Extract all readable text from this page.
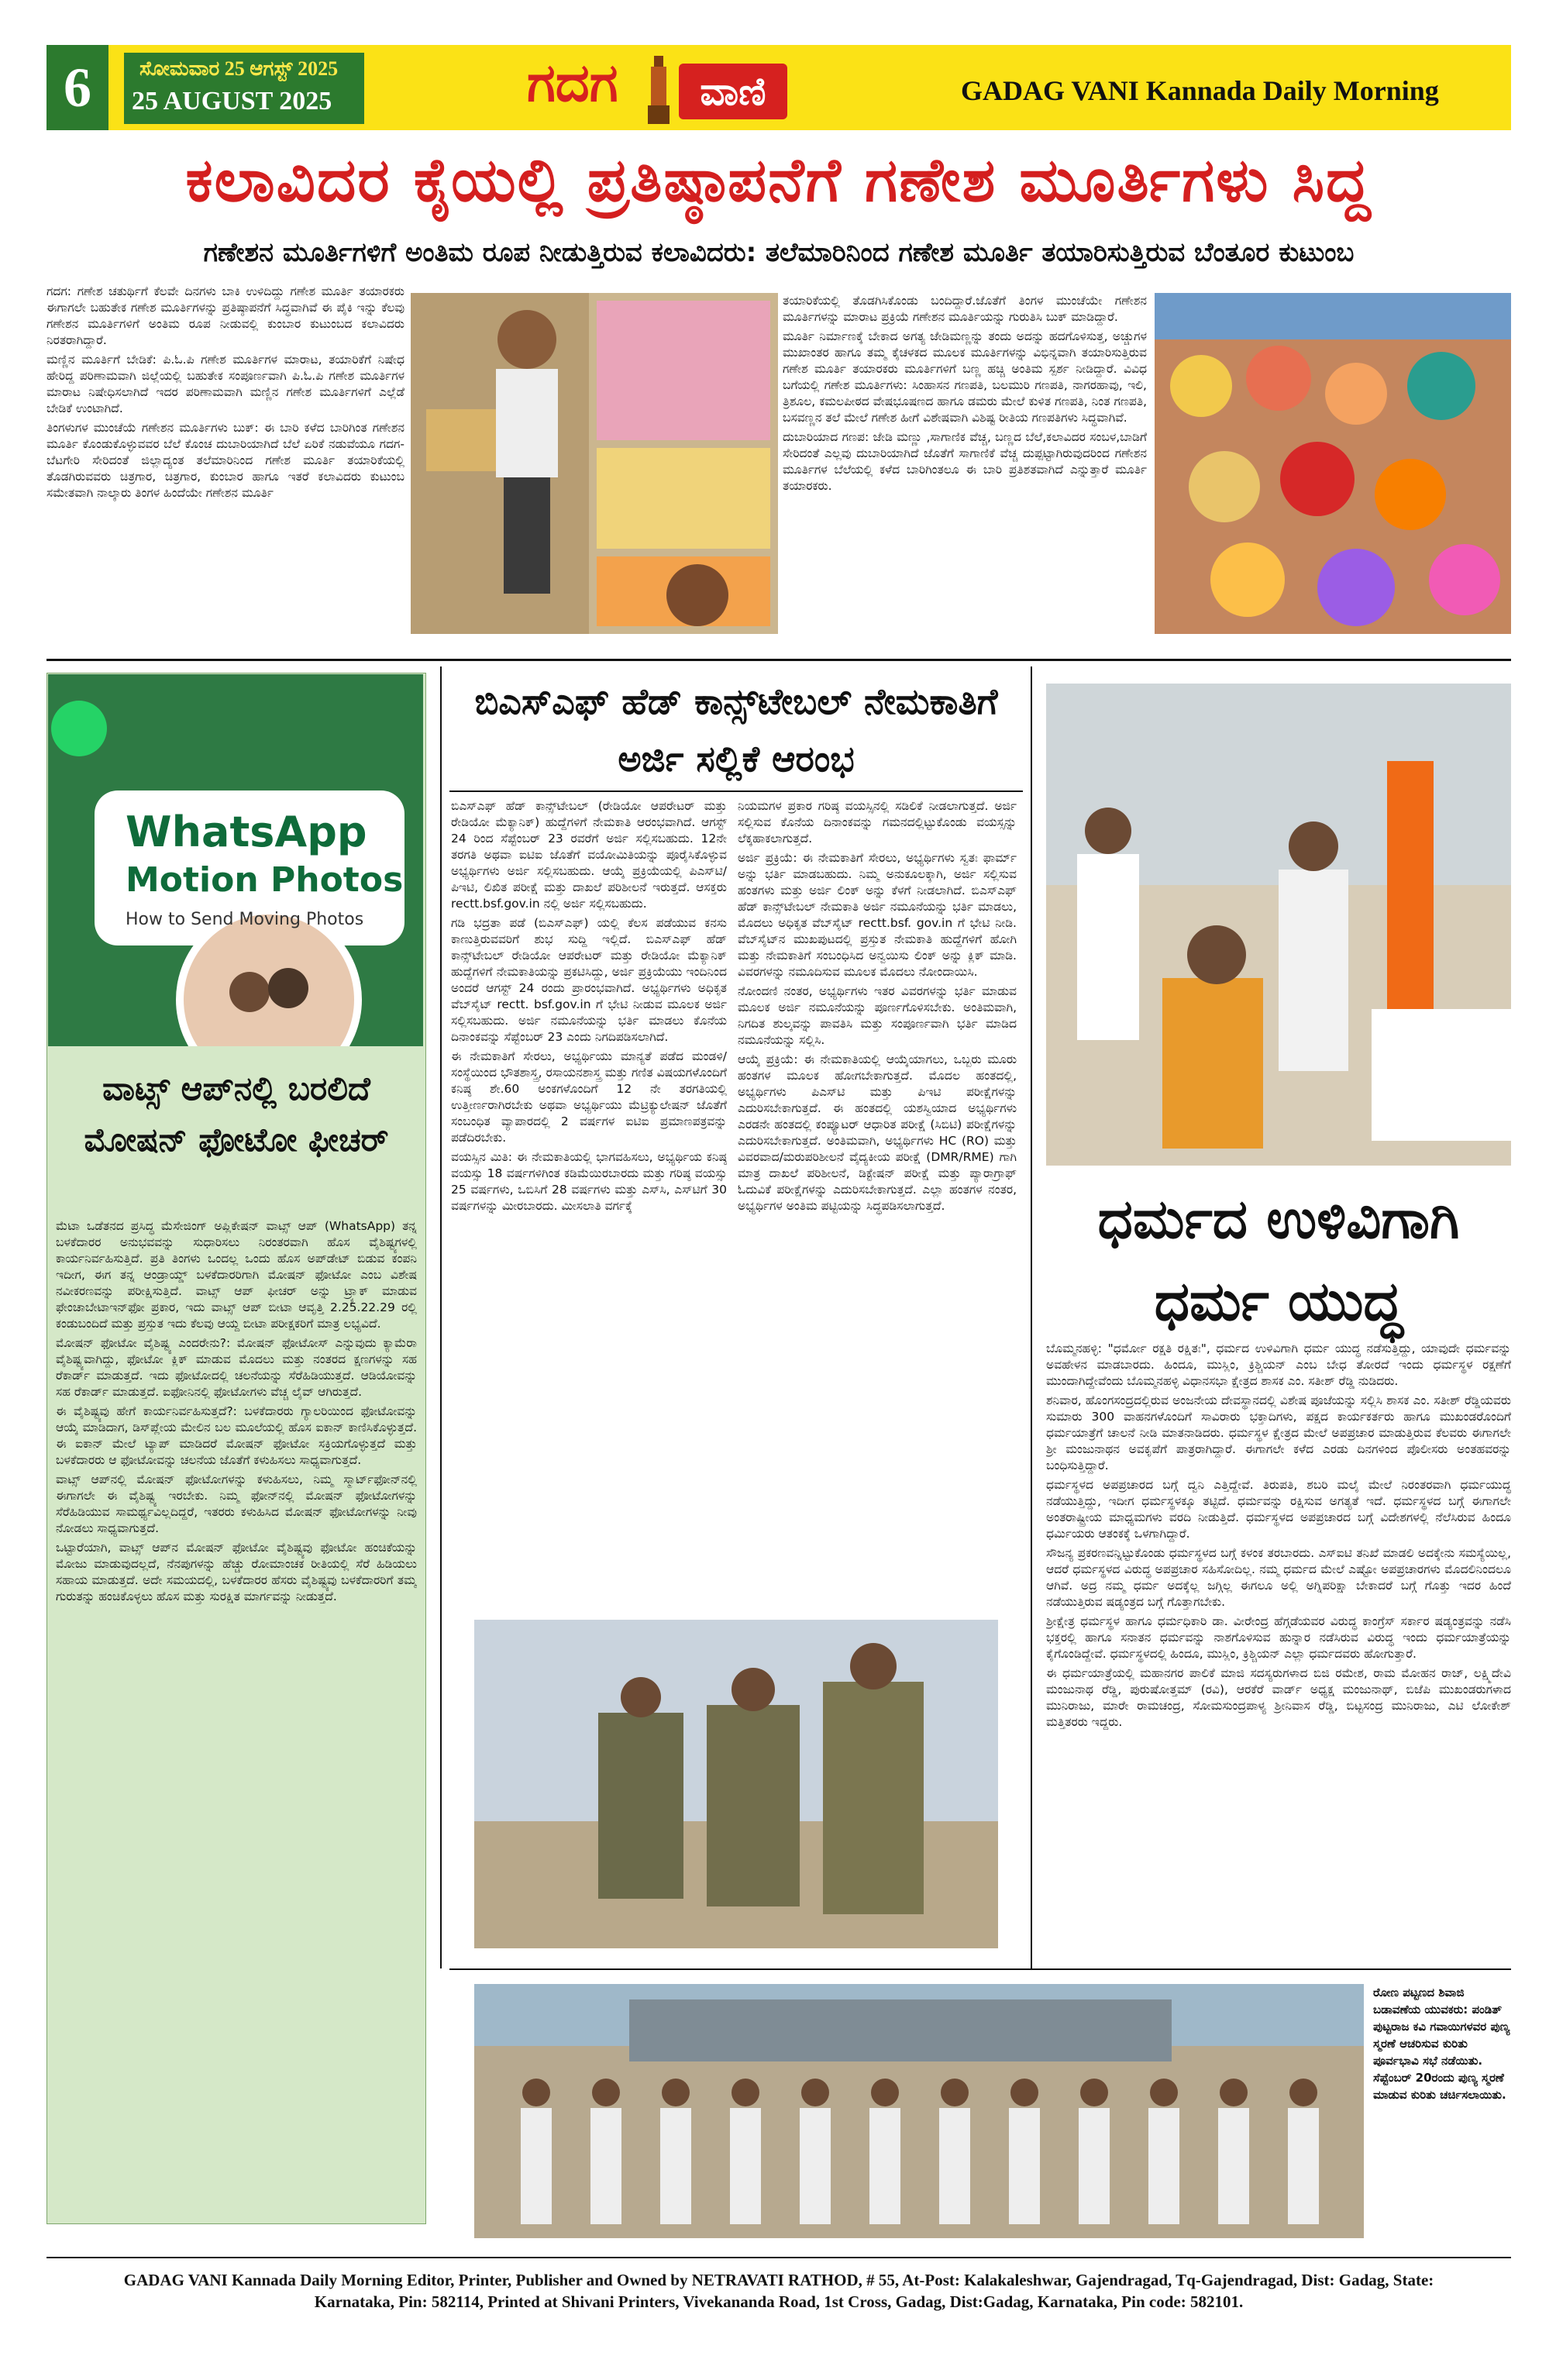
6	ಸೋಮವಾರ 25 ಆಗಸ್ಟ್ 2025
25 AUGUST 2025	ಗದಗ	ವಾಣಿ	GADAG VANI Kannada Daily Morning
ಕಲಾವಿದರ ಕೈಯಲ್ಲಿ ಪ್ರತಿಷ್ಠಾಪನೆಗೆ ಗಣೇಶ ಮೂರ್ತಿಗಳು ಸಿದ್ದ
ಗಣೇಶನ ಮೂರ್ತಿಗಳಿಗೆ ಅಂತಿಮ ರೂಪ ನೀಡುತ್ತಿರುವ ಕಲಾವಿದರು: ತಲೆಮಾರಿನಿಂದ ಗಣೇಶ ಮೂರ್ತಿ ತಯಾರಿಸುತ್ತಿರುವ ಬೆಂತೂರ ಕುಟುಂಬ

ಗದಗ: ಗಣೇಶ ಚತುರ್ಥಿಗೆ ಕೆಲವೇ ದಿನಗಳು ಬಾಕಿ ಉಳಿದಿದ್ದು ಗಣೇಶ ಮೂರ್ತಿ ತಯಾರಕರು ಈಗಾಗಲೇ ಬಹುತೇಕ ಗಣೇಶ ಮೂರ್ತಿಗಳನ್ನು ಪ್ರತಿಷ್ಠಾಪನೆಗೆ ಸಿದ್ಧವಾಗಿವೆ ಈ ಪೈಕಿ ಇನ್ನು ಕೆಲವು ಗಣೇಶನ ಮೂರ್ತಿಗಳಿಗೆ ಅಂತಿಮ ರೂಪ ನೀಡುವಲ್ಲಿ ಕುಂಬಾರ ಕುಟುಂಬದ ಕಲಾವಿದರು ನಿರತರಾಗಿದ್ದಾರೆ.

ಮಣ್ಣಿನ ಮೂರ್ತಿಗೆ ಬೇಡಿಕೆ: ಪಿ.ಓ.ಪಿ ಗಣೇಶ ಮೂರ್ತಿಗಳ ಮಾರಾಟ, ತಯಾರಿಕೆಗೆ ನಿಷೇಧ ಹೇರಿದ್ದ ಪರಿಣಾಮವಾಗಿ ಜಿಲ್ಲೆಯಲ್ಲಿ ಬಹುತೇಕ ಸಂಪೂರ್ಣವಾಗಿ ಪಿ.ಓ.ಪಿ ಗಣೇಶ ಮೂರ್ತಿಗಳ ಮಾರಾಟ ನಿಷೇಧಿಸಲಾಗಿದೆ ಇದರ ಪರಿಣಾಮವಾಗಿ ಮಣ್ಣಿನ ಗಣೇಶ ಮೂರ್ತಿಗಳಿಗೆ ಎಲ್ಲೆಡೆ ಬೇಡಿಕೆ ಉಂಟಾಗಿದೆ.

ತಿಂಗಳುಗಳ ಮುಂಚೆಯೆ ಗಣೇಶನ ಮೂರ್ತಿಗಳು ಬುಕ್: ಈ ಬಾರಿ ಕಳೆದ ಬಾರಿಗಿಂತ ಗಣೇಶನ ಮೂರ್ತಿ ಕೊಂಡುಕೊಳ್ಳುವವರ ಬೆಲೆ ಕೊಂಚ ದುಬಾರಿಯಾಗಿದೆ ಬೆಲೆ ಏರಿಕೆ ನಡುವೆಯೂ ಗದಗ-ಬೆಟಗೇರಿ ಸೇರಿದಂತೆ ಜಿಲ್ಲಾದ್ಯಂತ ತಲೆಮಾರಿನಿಂದ ಗಣೇಶ ಮೂರ್ತಿ ತಯಾರಿಕೆಯಲ್ಲಿ ತೊಡಗಿರುವವರು ಚಿತ್ರಗಾರ, ಚಿತ್ರಗಾರ, ಕುಂಬಾರ ಹಾಗೂ ಇತರೆ ಕಲಾವಿದರು ಕುಟುಂಬ ಸಮೇತವಾಗಿ ನಾಲ್ಕಾರು ತಿಂಗಳ ಹಿಂದೆಯೇ ಗಣೇಶನ ಮೂರ್ತಿ

ತಯಾರಿಕೆಯಲ್ಲಿ ತೊಡಗಿಸಿಕೊಂಡು ಬಂದಿದ್ದಾರೆ.ಜೊತೆಗೆ ತಿಂಗಳ ಮುಂಚೆಯೇ ಗಣೇಶನ ಮೂರ್ತಿಗಳನ್ನು ಮಾರಾಟ ಪ್ರಕ್ರಿಯೆ ಗಣೇಶನ ಮೂರ್ತಿಯನ್ನು ಗುರುತಿಸಿ ಬುಕ್ ಮಾಡಿದ್ದಾರೆ.

ಮೂರ್ತಿ ನಿರ್ಮಾಣಕ್ಕೆ ಬೇಕಾದ ಅಗತ್ಯ ಜೇಡಿಮಣ್ಣನ್ನು ತಂದು ಅದನ್ನು ಹದಗೊಳಿಸುತ್ತ, ಅಚ್ಚುಗಳ ಮುಖಾಂತರ ಹಾಗೂ ತಮ್ಮ ಕೈಚಳಕದ ಮೂಲಕ ಮೂರ್ತಿಗಳನ್ನು ವಿಭಿನ್ನವಾಗಿ ತಯಾರಿಸುತ್ತಿರುವ ಗಣೇಶ ಮೂರ್ತಿ ತಯಾರಕರು ಮೂರ್ತಿಗಳಿಗೆ ಬಣ್ಣ ಹಚ್ಚಿ ಅಂತಿಮ ಸ್ಪರ್ಶ ನೀಡಿದ್ದಾರೆ. ವಿವಿಧ ಬಗೆಯಲ್ಲಿ ಗಣೇಶ ಮೂರ್ತಿಗಳು: ಸಿಂಹಾಸನ ಗಣಪತಿ, ಬಲಮುರಿ ಗಣಪತಿ, ನಾಗರಹಾವು, ಇಲಿ, ತ್ರಿಶೂಲ, ಕಮಲಪೀಠದ ವೇಷಭೂಷಣದ ಹಾಗೂ ಡಮರು ಮೇಲೆ ಕುಳಿತ ಗಣಪತಿ, ನಿಂತ ಗಣಪತಿ, ಬಸವಣ್ಣನ ತಲೆ ಮೇಲೆ ಗಣೇಶ ಹೀಗೆ ವಿಶೇಷವಾಗಿ ವಿಶಿಷ್ಟ ರೀತಿಯ ಗಣಪತಿಗಳು ಸಿದ್ಧವಾಗಿವೆ.

ದುಬಾರಿಯಾದ ಗಣಪ: ಜೇಡಿ ಮಣ್ಣು ,ಸಾಗಾಣಿಕ ವೆಚ್ಚ, ಬಣ್ಣದ ಬೆಲೆ,ಕಲಾವಿದರ ಸಂಬಳ,ಬಾಡಿಗೆ ಸೇರಿದಂತೆ ಎಲ್ಲವು ದುಬಾರಿಯಾಗಿದೆ ಜೊತೆಗೆ ಸಾಗಾಣಿಕೆ ವೆಚ್ಚ ದುಪ್ಪಟ್ಟಾಗಿರುವುದರಿಂದ ಗಣೇಶನ ಮೂರ್ತಿಗಳ ಬೆಲೆಯಲ್ಲಿ ಕಳೆದ ಬಾರಿಗಿಂತಲೂ ಈ ಬಾರಿ ಪ್ರತಿಶತವಾಗಿದೆ ಎನ್ನುತ್ತಾರೆ ಮೂರ್ತಿ ತಯಾರಕರು.

WhatsApp
Motion Photos
How to Send Moving Photos
ವಾಟ್ಸ್ ಆಪ್‌ನಲ್ಲಿ ಬರಲಿದೆ ಮೋಷನ್ ಫೋಟೋ ಫೀಚರ್

ಮೆಟಾ ಒಡೆತನದ ಪ್ರಸಿದ್ಧ ಮೆಸೇಜಿಂಗ್ ಅಪ್ಲಿಕೇಷನ್ ವಾಟ್ಸ್ ಆಪ್ (WhatsApp) ತನ್ನ ಬಳಕೆದಾರರ ಅನುಭವವನ್ನು ಸುಧಾರಿಸಲು ನಿರಂತರವಾಗಿ ಹೊಸ ವೈಶಿಷ್ಟ್ಯಗಳಲ್ಲಿ ಕಾರ್ಯನಿರ್ವಹಿಸುತ್ತಿದೆ. ಪ್ರತಿ ತಿಂಗಳು ಒಂದಲ್ಲ ಒಂದು ಹೊಸ ಅಪ್‌ಡೇಟ್ ಬಿಡುವ ಕಂಪನಿ ಇದೀಗ, ಈಗ ತನ್ನ ಆಂಡ್ರಾಯ್ಡ್ ಬಳಕೆದಾರರಿಗಾಗಿ ಮೋಷನ್ ಫೋಟೋ ಎಂಬ ವಿಶೇಷ ನವೀಕರಣವನ್ನು ಪರೀಕ್ಷಿಸುತ್ತಿದೆ. ವಾಟ್ಸ್ ಆಪ್ ಫೀಚರ್ ಅನ್ನು ಟ್ರ್ಯಾಕ್ ಮಾಡುವ ಫೇಂಚಾಬೇಟಾಇನ್‌ಫೋ ಪ್ರಕಾರ, ಇದು ವಾಟ್ಸ್ ಆಪ್ ಬೀಟಾ ಆವೃತ್ತಿ 2.25.22.29 ರಲ್ಲಿ ಕಂಡುಬಂದಿದೆ ಮತ್ತು ಪ್ರಸ್ತುತ ಇದು ಕೆಲವು ಆಯ್ದ ಬೀಟಾ ಪರೀಕ್ಷಕರಿಗೆ ಮಾತ್ರ ಲಭ್ಯವಿದೆ.

ಮೋಷನ್ ಫೋಟೋ ವೈಶಿಷ್ಟ್ಯ ಎಂದರೇನು?: ಮೋಷನ್ ಫೋಟೋಸ್ ಎನ್ನುವುದು ಕ್ಯಾಮೆರಾ ವೈಶಿಷ್ಟ್ಯವಾಗಿದ್ದು, ಫೋಟೋ ಕ್ಲಿಕ್ ಮಾಡುವ ಮೊದಲು ಮತ್ತು ನಂತರದ ಕ್ಷಣಗಳನ್ನು ಸಹ ರೆಕಾರ್ಡ್ ಮಾಡುತ್ತದೆ. ಇದು ಫೋಟೋದಲ್ಲಿ ಚಲನೆಯನ್ನು ಸೆರೆಹಿಡಿಯುತ್ತದೆ. ಆಡಿಯೋವನ್ನು ಸಹ ರೆಕಾರ್ಡ್ ಮಾಡುತ್ತದೆ. ಐಫೋನಿನಲ್ಲಿ ಫೋಟೋಗಳು ವೆಚ್ಚ ಲೈವ್ ಆಗಿರುತ್ತದೆ.

ಈ ವೈಶಿಷ್ಟ್ಯವು ಹೇಗೆ ಕಾರ್ಯನಿರ್ವಹಿಸುತ್ತದೆ?: ಬಳಕೆದಾರರು ಗ್ಯಾಲರಿಯಿಂದ ಫೋಟೋವನ್ನು ಆಯ್ಕೆ ಮಾಡಿದಾಗ, ಡಿಸ್‌ಪ್ಲೇಯ ಮೇಲಿನ ಬಲ ಮೂಲೆಯಲ್ಲಿ ಹೊಸ ಐಕಾನ್ ಕಾಣಿಸಿಕೊಳ್ಳುತ್ತದೆ. ಈ ಐಕಾನ್ ಮೇಲೆ ಟ್ಯಾಪ್ ಮಾಡಿದರೆ ಮೋಷನ್ ಫೋಟೋ ಸಕ್ರಿಯಗೊಳ್ಳುತ್ತದೆ ಮತ್ತು ಬಳಕೆದಾರರು ಆ ಫೋಟೋವನ್ನು ಚಲನೆಯ ಜೊತೆಗೆ ಕಳುಹಿಸಲು ಸಾಧ್ಯವಾಗುತ್ತದೆ.

ವಾಟ್ಸ್ ಆಪ್‌ನಲ್ಲಿ ಮೋಷನ್ ಫೋಟೋಗಳನ್ನು ಕಳುಹಿಸಲು, ನಿಮ್ಮ ಸ್ಮಾರ್ಟ್‌ಫೋನ್‌ನಲ್ಲಿ ಈಗಾಗಲೇ ಈ ವೈಶಿಷ್ಟ್ಯ ಇರಬೇಕು. ನಿಮ್ಮ ಫೋನ್‌ನಲ್ಲಿ ಮೋಷನ್ ಫೋಟೋಗಳನ್ನು ಸೆರೆಹಿಡಿಯುವ ಸಾಮರ್ಥ್ಯವಿಲ್ಲದಿದ್ದರೆ, ಇತರರು ಕಳುಹಿಸಿದ ಮೋಷನ್ ಫೋಟೋಗಳನ್ನು ನೀವು ನೋಡಲು ಸಾಧ್ಯವಾಗುತ್ತದೆ.

ಒಟ್ಟಾರೆಯಾಗಿ, ವಾಟ್ಸ್ ಆಪ್‌ನ ಮೋಷನ್ ಫೋಟೋ ವೈಶಿಷ್ಟ್ಯವು ಫೋಟೋ ಹಂಚಿಕೆಯನ್ನು ಮೋಜು ಮಾಡುವುದಲ್ಲದೆ, ನೆನಪುಗಳನ್ನು ಹೆಚ್ಚು ರೋಮಾಂಚಕ ರೀತಿಯಲ್ಲಿ ಸೆರೆ ಹಿಡಿಯಲು ಸಹಾಯ ಮಾಡುತ್ತದೆ. ಅದೇ ಸಮಯದಲ್ಲಿ, ಬಳಕೆದಾರರ ಹೆಸರು ವೈಶಿಷ್ಟ್ಯವು ಬಳಕೆದಾರರಿಗೆ ತಮ್ಮ ಗುರುತನ್ನು ಹಂಚಿಕೊಳ್ಳಲು ಹೊಸ ಮತ್ತು ಸುರಕ್ಷಿತ ಮಾರ್ಗವನ್ನು ನೀಡುತ್ತದೆ.

ಬಿಎಸ್‌ಎಫ್ ಹೆಡ್ ಕಾನ್ಸ್‌ಟೇಬಲ್ ನೇಮಕಾತಿಗೆ ಅರ್ಜಿ ಸಲ್ಲಿಕೆ ಆರಂಭ

ಬಿಎಸ್‌ಎಫ್ ಹೆಡ್ ಕಾನ್ಸ್‌ಟೇಬಲ್ (ರೇಡಿಯೋ ಆಪರೇಟರ್ ಮತ್ತು ರೇಡಿಯೋ ಮೆಕ್ಯಾನಿಕ್) ಹುದ್ದೆಗಳಿಗೆ ನೇಮಕಾತಿ ಆರಂಭವಾಗಿದೆ. ಆಗಸ್ಟ್ 24 ರಿಂದ ಸೆಪ್ಟೆಂಬರ್ 23 ರವರೆಗೆ ಅರ್ಜಿ ಸಲ್ಲಿಸಬಹುದು. 12ನೇ ತರಗತಿ ಅಥವಾ ಐಟಿಐ ಜೊತೆಗೆ ವಯೋಮಿತಿಯನ್ನು ಪೂರೈಸಿಕೊಳ್ಳುವ ಅಭ್ಯರ್ಥಿಗಳು ಅರ್ಜಿ ಸಲ್ಲಿಸಬಹುದು. ಆಯ್ಕೆ ಪ್ರಕ್ರಿಯೆಯಲ್ಲಿ ಪಿಎಸ್‌ಟಿ/ ಪಿಇಟಿ, ಲಿಖಿತ ಪರೀಕ್ಷೆ ಮತ್ತು ದಾಖಲೆ ಪರಿಶೀಲನೆ ಇರುತ್ತದೆ. ಆಸಕ್ತರು rectt.bsf.gov.in ನಲ್ಲಿ ಅರ್ಜಿ ಸಲ್ಲಿಸಬಹುದು.

ಗಡಿ ಭದ್ರತಾ ಪಡೆ (ಬಿಎಸ್‌ಎಫ್) ಯಲ್ಲಿ ಕೆಲಸ ಪಡೆಯುವ ಕನಸು ಕಾಣುತ್ತಿರುವವರಿಗೆ ಶುಭ ಸುದ್ದಿ ಇಲ್ಲಿದೆ. ಬಿಎಸ್‌ಎಫ್ ಹೆಡ್ ಕಾನ್ಸ್‌ಟೇಬಲ್ ರೇಡಿಯೋ ಆಪರೇಟರ್ ಮತ್ತು ರೇಡಿಯೋ ಮೆಕ್ಯಾನಿಕ್ ಹುದ್ದೆಗಳಿಗೆ ನೇಮಕಾತಿಯನ್ನು ಪ್ರಕಟಿಸಿದ್ದು, ಅರ್ಜಿ ಪ್ರಕ್ರಿಯೆಯು ಇಂದಿನಿಂದ ಅಂದರೆ ಆಗಸ್ಟ್ 24 ರಂದು ಪ್ರಾರಂಭವಾಗಿದೆ. ಅಭ್ಯರ್ಥಿಗಳು ಅಧಿಕೃತ ವೆಬ್‌ಸೈಟ್ rectt. bsf.gov.in ಗೆ ಭೇಟಿ ನೀಡುವ ಮೂಲಕ ಅರ್ಜಿ ಸಲ್ಲಿಸಬಹುದು. ಅರ್ಜಿ ನಮೂನೆಯನ್ನು ಭರ್ತಿ ಮಾಡಲು ಕೊನೆಯ ದಿನಾಂಕವನ್ನು ಸೆಪ್ಟೆಂಬರ್ 23 ಎಂದು ನಿಗದಿಪಡಿಸಲಾಗಿದೆ.

ಈ ನೇಮಕಾತಿಗೆ ಸೇರಲು, ಅಭ್ಯರ್ಥಿಯು ಮಾನ್ಯತೆ ಪಡೆದ ಮಂಡಳಿ/ಸಂಸ್ಥೆಯಿಂದ ಭೌತಶಾಸ್ತ್ರ, ರಸಾಯನಶಾಸ್ತ್ರ ಮತ್ತು ಗಣಿತ ವಿಷಯಗಳೊಂದಿಗೆ ಕನಿಷ್ಠ ಶೇ.60 ಅಂಕಗಳೊಂದಿಗೆ 12 ನೇ ತರಗತಿಯಲ್ಲಿ ಉತ್ತೀರ್ಣರಾಗಿರಬೇಕು ಅಥವಾ ಅಭ್ಯರ್ಥಿಯು ಮೆಟ್ರಿಕ್ಯುಲೇಷನ್ ಜೊತೆಗೆ ಸಂಬಂಧಿತ ವ್ಯಾಪಾರದಲ್ಲಿ 2 ವರ್ಷಗಳ ಐಟಿಐ ಪ್ರಮಾಣಪತ್ರವನ್ನು ಪಡೆದಿರಬೇಕು.

ವಯಸ್ಸಿನ ಮಿತಿ: ಈ ನೇಮಕಾತಿಯಲ್ಲಿ ಭಾಗವಹಿಸಲು, ಅಭ್ಯರ್ಥಿಯ ಕನಿಷ್ಠ ವಯಸ್ಸು 18 ವರ್ಷಗಳಿಗಿಂತ ಕಡಿಮೆಯಿರಬಾರದು ಮತ್ತು ಗರಿಷ್ಠ ವಯಸ್ಸು 25 ವರ್ಷಗಳು, ಒಬಿಸಿಗೆ 28 ವರ್ಷಗಳು ಮತ್ತು ಎಸ್‌ಸಿ, ಎಸ್‌ಟಿಗೆ 30 ವರ್ಷಗಳನ್ನು ಮೀರಬಾರದು. ಮೀಸಲಾತಿ ವರ್ಗಕ್ಕೆ

ನಿಯಮಗಳ ಪ್ರಕಾರ ಗರಿಷ್ಠ ವಯಸ್ಸಿನಲ್ಲಿ ಸಡಿಲಿಕೆ ನೀಡಲಾಗುತ್ತದೆ. ಅರ್ಜಿ ಸಲ್ಲಿಸುವ ಕೊನೆಯ ದಿನಾಂಕವನ್ನು ಗಮನದಲ್ಲಿಟ್ಟುಕೊಂಡು ವಯಸ್ಸನ್ನು ಲೆಕ್ಕಹಾಕಲಾಗುತ್ತದೆ.

ಅರ್ಜಿ ಪ್ರಕ್ರಿಯೆ: ಈ ನೇಮಕಾತಿಗೆ ಸೇರಲು, ಅಭ್ಯರ್ಥಿಗಳು ಸ್ವತಃ ಫಾರ್ಮ್ ಅನ್ನು ಭರ್ತಿ ಮಾಡಬಹುದು. ನಿಮ್ಮ ಅನುಕೂಲಕ್ಕಾಗಿ, ಅರ್ಜಿ ಸಲ್ಲಿಸುವ ಹಂತಗಳು ಮತ್ತು ಅರ್ಜಿ ಲಿಂಕ್ ಅನ್ನು ಕೆಳಗೆ ನೀಡಲಾಗಿದೆ. ಬಿಎಸ್‌ಎಫ್ ಹೆಡ್ ಕಾನ್ಸ್‌ಟೇಬಲ್ ನೇಮಕಾತಿ ಅರ್ಜಿ ನಮೂನೆಯನ್ನು ಭರ್ತಿ ಮಾಡಲು, ಮೊದಲು ಅಧಿಕೃತ ವೆಬ್‌ಸೈಟ್ rectt.bsf. gov.in ಗೆ ಭೇಟಿ ನೀಡಿ. ವೆಬ್‌ಸೈಟ್‌ನ ಮುಖಪುಟದಲ್ಲಿ ಪ್ರಸ್ತುತ ನೇಮಕಾತಿ ಹುದ್ದೆಗಳಿಗೆ ಹೋಗಿ ಮತ್ತು ನೇಮಕಾತಿಗೆ ಸಂಬಂಧಿಸಿದ ಅನ್ವಯಿಸು ಲಿಂಕ್ ಅನ್ನು ಕ್ಲಿಕ್ ಮಾಡಿ. ವಿವರಗಳನ್ನು ನಮೂದಿಸುವ ಮೂಲಕ ಮೊದಲು ನೋಂದಾಯಿಸಿ.

ನೋಂದಣಿ ನಂತರ, ಅಭ್ಯರ್ಥಿಗಳು ಇತರ ವಿವರಗಳನ್ನು ಭರ್ತಿ ಮಾಡುವ ಮೂಲಕ ಅರ್ಜಿ ನಮೂನೆಯನ್ನು ಪೂರ್ಣಗೊಳಿಸಬೇಕು. ಅಂತಿಮವಾಗಿ, ನಿಗದಿತ ಶುಲ್ಕವನ್ನು ಪಾವತಿಸಿ ಮತ್ತು ಸಂಪೂರ್ಣವಾಗಿ ಭರ್ತಿ ಮಾಡಿದ ನಮೂನೆಯನ್ನು ಸಲ್ಲಿಸಿ.

ಆಯ್ಕೆ ಪ್ರಕ್ರಿಯೆ: ಈ ನೇಮಕಾತಿಯಲ್ಲಿ ಆಯ್ಕೆಯಾಗಲು, ಒಬ್ಬರು ಮೂರು ಹಂತಗಳ ಮೂಲಕ ಹೋಗಬೇಕಾಗುತ್ತದೆ. ಮೊದಲ ಹಂತದಲ್ಲಿ, ಅಭ್ಯರ್ಥಿಗಳು ಪಿಎಸ್‌ಟಿ ಮತ್ತು ಪಿಇಟಿ ಪರೀಕ್ಷೆಗಳನ್ನು ಎದುರಿಸಬೇಕಾಗುತ್ತದೆ. ಈ ಹಂತದಲ್ಲಿ ಯಶಸ್ವಿಯಾದ ಅಭ್ಯರ್ಥಿಗಳು ಎರಡನೇ ಹಂತದಲ್ಲಿ ಕಂಪ್ಯೂಟರ್ ಆಧಾರಿತ ಪರೀಕ್ಷೆ (ಸಿಬಿಟಿ) ಪರೀಕ್ಷೆಗಳನ್ನು ಎದುರಿಸಬೇಕಾಗುತ್ತದೆ. ಅಂತಿಮವಾಗಿ, ಅಭ್ಯರ್ಥಿಗಳು HC (RO) ಮತ್ತು ವಿವರವಾದ/ಮರುಪರಿಶೀಲನೆ ವೈದ್ಯಕೀಯ ಪರೀಕ್ಷೆ (DMR/RME) ಗಾಗಿ ಮಾತ್ರ ದಾಖಲೆ ಪರಿಶೀಲನೆ, ಡಿಕ್ಟೇಷನ್ ಪರೀಕ್ಷೆ ಮತ್ತು ಪ್ಯಾರಾಗ್ರಾಫ್ ಓದುವಿಕೆ ಪರೀಕ್ಷೆಗಳನ್ನು ಎದುರಿಸಬೇಕಾಗುತ್ತದೆ. ಎಲ್ಲಾ ಹಂತಗಳ ನಂತರ, ಅಭ್ಯರ್ಥಿಗಳ ಅಂತಿಮ ಪಟ್ಟಿಯನ್ನು ಸಿದ್ಧಪಡಿಸಲಾಗುತ್ತದೆ.	ಧರ್ಮದ ಉಳಿವಿಗಾಗಿ ಧರ್ಮ ಯುದ್ಧ

ಬೊಮ್ಮನಹಳ್ಳಿ: "ಧರ್ಮೋ ರಕ್ಷತಿ ರಕ್ಷಿತಃ", ಧರ್ಮದ ಉಳಿವಿಗಾಗಿ ಧರ್ಮ ಯುದ್ಧ ನಡೆಸುತ್ತಿದ್ದು, ಯಾವುದೇ ಧರ್ಮವನ್ನು ಅವಹೇಳನ ಮಾಡಬಾರದು. ಹಿಂದೂ, ಮುಸ್ಲಿಂ, ಕ್ರಿಶ್ಚಿಯನ್ ಎಂಬ ಬೇಧ ತೋರದೆ ಇಂದು ಧರ್ಮಸ್ಥಳ ರಕ್ಷಣೆಗೆ ಮುಂದಾಗಿದ್ದೇವೆಂದು ಬೊಮ್ಮನಹಳ್ಳಿ ವಿಧಾನಸಭಾ ಕ್ಷೇತ್ರದ ಶಾಸಕ ಎಂ. ಸತೀಶ್ ರೆಡ್ಡಿ ನುಡಿದರು.

ಶನಿವಾರ, ಹೊಂಗಸಂದ್ರದಲ್ಲಿರುವ ಅಂಜನೇಯ ದೇವಸ್ಥಾನದಲ್ಲಿ ವಿಶೇಷ ಪೂಜೆಯನ್ನು ಸಲ್ಲಿಸಿ ಶಾಸಕ ಎಂ. ಸತೀಶ್ ರೆಡ್ಡಿಯವರು ಸುಮಾರು 300 ವಾಹನಗಳೊಂದಿಗೆ ಸಾವಿರಾರು ಭಕ್ತಾದಿಗಳು, ಪಕ್ಷದ ಕಾರ್ಯಕರ್ತರು ಹಾಗೂ ಮುಖಂಡರೊಂದಿಗೆ ಧರ್ಮಯಾತ್ರೆಗೆ ಚಾಲನೆ ನೀಡಿ ಮಾತನಾಡಿದರು. ಧರ್ಮಸ್ಥಳ ಕ್ಷೇತ್ರದ ಮೇಲೆ ಅಪಪ್ರಚಾರ ಮಾಡುತ್ತಿರುವ ಕೆಲವರು ಈಗಾಗಲೇ ಶ್ರೀ ಮಂಜುನಾಥನ ಅವಕೃಪೆಗೆ ಪಾತ್ರರಾಗಿದ್ದಾರೆ. ಈಗಾಗಲೇ ಕಳೆದ ಎರಡು ದಿನಗಳಿಂದ ಪೊಲೀಸರು ಅಂತಹವರನ್ನು ಬಂಧಿಸುತ್ತಿದ್ದಾರೆ.

ಧರ್ಮಸ್ಥಳದ ಅಪಪ್ರಚಾರದ ಬಗ್ಗೆ ದ್ವನಿ ಎತ್ತಿದ್ದೇವೆ. ತಿರುಪತಿ, ಶಬರಿ ಮಲೈ ಮೇಲೆ ನಿರಂತರವಾಗಿ ಧರ್ಮಯುದ್ಧ ನಡೆಯುತ್ತಿದ್ದು, ಇದೀಗ ಧರ್ಮಸ್ಥಳಕ್ಕೂ ತಟ್ಟಿದೆ. ಧರ್ಮವನ್ನು ರಕ್ಷಿಸುವ ಅಗತ್ಯತೆ ಇದೆ. ಧರ್ಮಸ್ಥಳದ ಬಗ್ಗೆ ಈಗಾಗಲೇ ಅಂತರಾಷ್ಟ್ರೀಯ ಮಾಧ್ಯಮಗಳು ವರದಿ ನೀಡುತ್ತಿದೆ. ಧರ್ಮಸ್ಥಳದ ಅಪಪ್ರಚಾರದ ಬಗ್ಗೆ ವಿದೇಶಗಳಲ್ಲಿ ನೆಲೆಸಿರುವ ಹಿಂದೂ ಧರ್ಮಿಯರು ಆತಂಕಕ್ಕೆ ಒಳಗಾಗಿದ್ದಾರೆ.

ಸೌಜನ್ಯ ಪ್ರಕರಣವನ್ನಿಟ್ಟುಕೊಂಡು ಧರ್ಮಸ್ಥಳದ ಬಗ್ಗೆ ಕಳಂಕ ತರಬಾರದು. ಎಸ್‌ಐಟಿ ತನಿಖೆ ಮಾಡಲಿ ಅದಕ್ಕೇನು ಸಮಸ್ಯೆಯಿಲ್ಲ, ಆದರೆ ಧರ್ಮಸ್ಥಳದ ವಿರುದ್ಧ ಅಪಪ್ರಚಾರ ಸಹಿಸೋದಿಲ್ಲ. ನಮ್ಮ ಧರ್ಮದ ಮೇಲೆ ಎಷ್ಟೋ ಅಪಪ್ರಚಾರಗಳು ಮೊದಲಿನಿಂದಲೂ ಆಗಿವೆ. ಅದ್ರ ನಮ್ಮ ಧರ್ಮ ಅದಕ್ಕೆಲ್ಲ ಜಗ್ಗಿಲ್ಲ ಈಗಲೂ ಅಲ್ಲಿ ಅಗ್ನಿಪರಿಕ್ಷಾ ಬೇಕಾದರೆ ಬಗ್ಗೆ ಗೊತ್ತು ಇದರ ಹಿಂದೆ ನಡೆಯುತ್ತಿರುವ ಷಡ್ಯಂತ್ರದ ಬಗ್ಗೆ ಗೊತ್ತಾಗಬೇಕು.

ಶ್ರೀಕ್ಷೇತ್ರ ಧರ್ಮಸ್ಥಳ ಹಾಗೂ ಧರ್ಮಧಿಕಾರಿ ಡಾ. ವೀರೇಂದ್ರ ಹೆಗ್ಗಡೆಯವರ ವಿರುದ್ಧ ಕಾಂಗ್ರೆಸ್ ಸರ್ಕಾರ ಷಡ್ಯಂತ್ರವನ್ನು ನಡೆಸಿ ಭಕ್ತರಲ್ಲಿ ಹಾಗೂ ಸನಾತನ ಧರ್ಮವನ್ನು ನಾಶಗೊಳಿಸುವ ಹುನ್ನಾರ ನಡೆಸಿರುವ ವಿರುದ್ಧ ಇಂದು ಧರ್ಮಯಾತ್ರೆಯನ್ನು ಕೈಗೊಂಡಿದ್ದೇವೆ. ಧರ್ಮಸ್ಥಳದಲ್ಲಿ ಹಿಂದೂ, ಮುಸ್ಲಿಂ, ಕ್ರಿಶ್ಚಿಯನ್ ಎಲ್ಲಾ ಧರ್ಮದವರು ಹೋಗುತ್ತಾರೆ.

ಈ ಧರ್ಮಯಾತ್ರೆಯಲ್ಲಿ ಮಹಾನಗರ ಪಾಲಿಕೆ ಮಾಜಿ ಸದಸ್ಯರುಗಳಾದ ಬಿಜಿ ರಮೇಶ, ರಾಮ ಮೋಹನ ರಾಜ್, ಲಕ್ಷ್ಮಿದೇವಿ ಮಂಜುನಾಥ ರೆಡ್ಡಿ, ಪುರುಷೋತ್ತಮ್ (ರವಿ), ಆರಕೆರೆ ವಾರ್ಡ್ ಅಧ್ಯಕ್ಷ ಮಂಜುನಾಥ್, ಬಿಜೆಪಿ ಮುಖಂಡರುಗಳಾದ ಮುನಿರಾಜು, ಮಾರೇ ರಾಮಚಂದ್ರ, ಸೋಮಸುಂದ್ರಪಾಳ್ಯ ಶ್ರೀನಿವಾಸ ರೆಡ್ಡಿ, ಬಿಟ್ಟಸಂದ್ರ ಮುನಿರಾಜು, ಎಟಿ ಲೋಕೇಶ್ ಮತ್ತಿತರರು ಇದ್ದರು.

ರೋಣ ಪಟ್ಟಣದ ಶಿವಾಜಿ ಬಡಾವಣೆಯ ಯುವಕರು: ಪಂಡಿತ್ ಪುಟ್ಟರಾಜ ಕವಿ ಗವಾಯಿಗಳವರ ಪುಣ್ಯ ಸ್ಮರಣೆ ಆಚರಿಸುವ ಕುರಿತು ಪೂರ್ವಭಾವಿ ಸಭೆ ನಡೆಯಿತು. ಸೆಪ್ಟೆಂಬರ್ 20ರಂದು ಪುಣ್ಯ ಸ್ಮರಣೆ ಮಾಡುವ ಕುರಿತು ಚರ್ಚಿಸಲಾಯಿತು.
GADAG VANI Kannada Daily Morning Editor, Printer, Publisher and Owned by NETRAVATI RATHOD, # 55, At-Post: Kalakaleshwar, Gajendragad, Tq-Gajendragad, Dist: Gadag, State:
Karnataka, Pin: 582114, Printed at Shivani Printers, Vivekananda Road, 1st Cross, Gadag, Dist:Gadag, Karnataka, Pin code: 582101.
